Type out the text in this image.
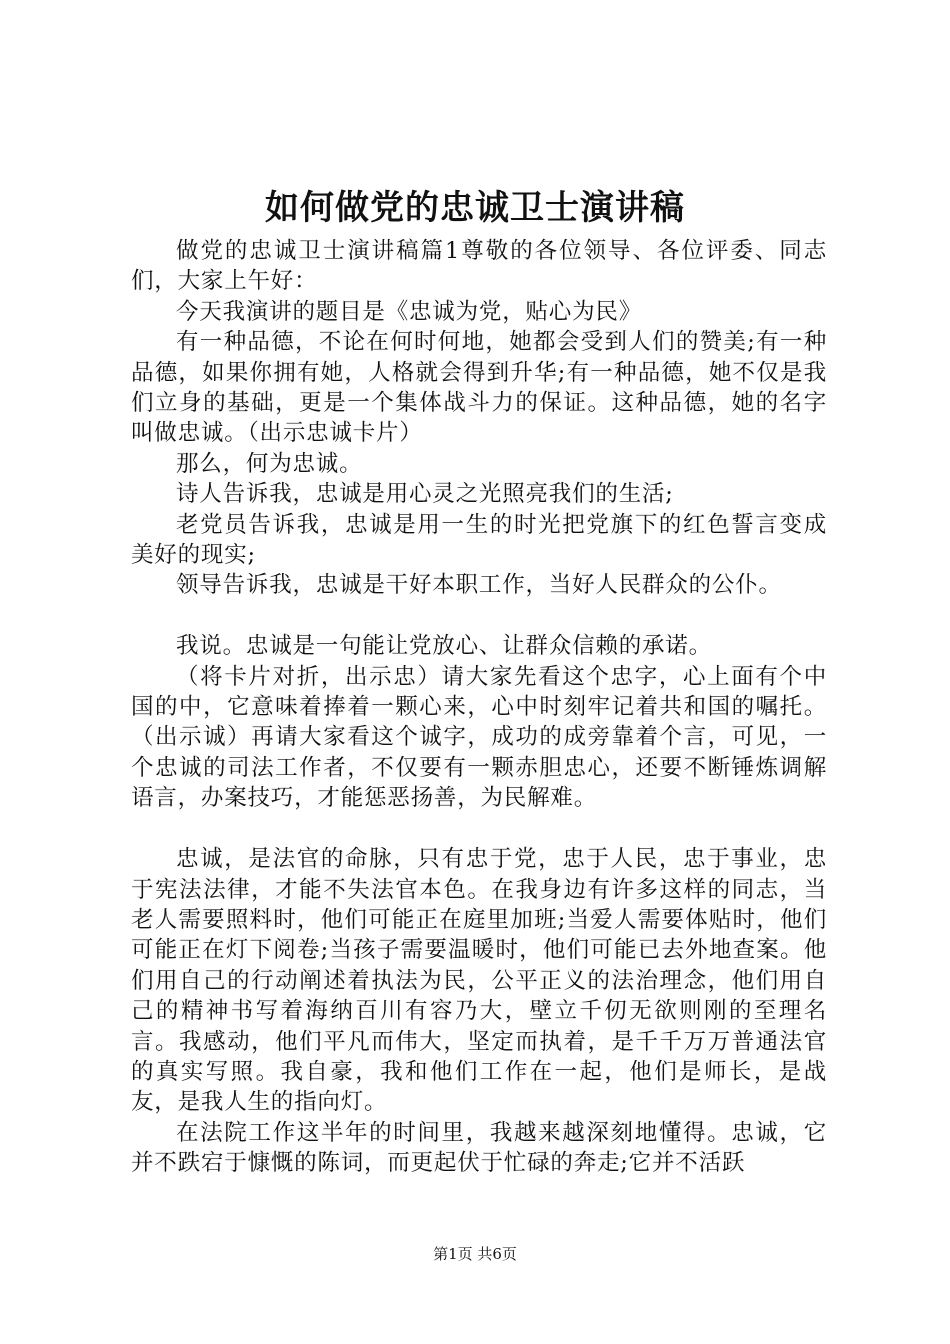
如何做党的忠诚卫士演讲稿

做党的忠诚卫士演讲稿篇1尊敬的各位领导、各位评委、同志们，大家上午好：

今天我演讲的题目是《忠诚为党，贴心为民》

有一种品德，不论在何时何地，她都会受到人们的赞美;有一种品德，如果你拥有她，人格就会得到升华;有一种品德，她不仅是我们立身的基础，更是一个集体战斗力的保证。这种品德，她的名字叫做忠诚。（出示忠诚卡片）

那么，何为忠诚。

诗人告诉我，忠诚是用心灵之光照亮我们的生活;

老党员告诉我，忠诚是用一生的时光把党旗下的红色誓言变成美好的现实;

领导告诉我，忠诚是干好本职工作，当好人民群众的公仆。

我说。忠诚是一句能让党放心、让群众信赖的承诺。

（将卡片对折，出示忠）请大家先看这个忠字，心上面有个中国的中，它意味着捧着一颗心来，心中时刻牢记着共和国的嘱托。（出示诚）再请大家看这个诚字，成功的成旁靠着个言，可见，一个忠诚的司法工作者，不仅要有一颗赤胆忠心，还要不断锤炼调解语言，办案技巧，才能惩恶扬善，为民解难。

忠诚，是法官的命脉，只有忠于党，忠于人民，忠于事业，忠于宪法法律，才能不失法官本色。在我身边有许多这样的同志，当老人需要照料时，他们可能正在庭里加班;当爱人需要体贴时，他们可能正在灯下阅卷;当孩子需要温暖时，他们可能已去外地查案。他们用自己的行动阐述着执法为民，公平正义的法治理念，他们用自己的精神书写着海纳百川有容乃大，壁立千仞无欲则刚的至理名言。我感动，他们平凡而伟大，坚定而执着，是千千万万普通法官的真实写照。我自豪，我和他们工作在一起，他们是师长，是战友，是我人生的指向灯。

在法院工作这半年的时间里，我越来越深刻地懂得。忠诚，它并不跌宕于慷慨的陈词，而更起伏于忙碌的奔走;它并不活跃

第1页 共6页
